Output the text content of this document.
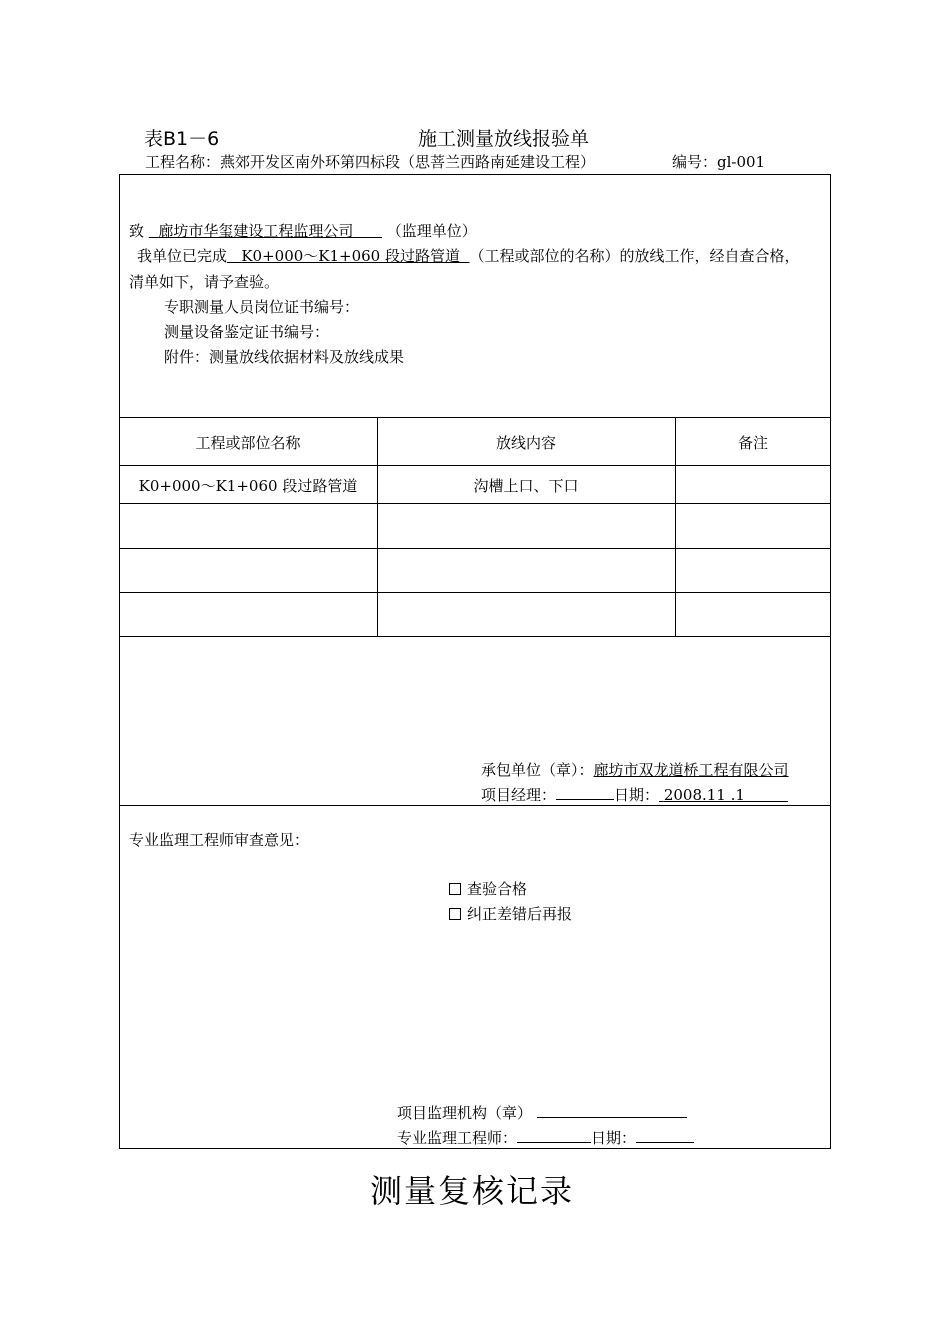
表B1－6	施工测量放线报验单
工程名称：燕郊开发区南外环第四标段（思菩兰西路南延建设工程）	编号：gl-001
致 廊坊市华玺建设工程监理公司 （监理单位）
我单位已完成 K0+000～K1+060 段过路管道 （工程或部位的名称）的放线工作，经自查合格，
清单如下，请予查验。
专职测量人员岗位证书编号：
测量设备鉴定证书编号：
附件：测量放线依据材料及放线成果
工程或部位名称	放线内容	备注
K0+000～K1+060 段过路管道	沟槽上口、下口
承包单位（章）：廊坊市双龙道桥工程有限公司
项目经理：	日期： 2008.11 .1
专业监理工程师审查意见：
查验合格
纠正差错后再报
项目监理机构（章）
专业监理工程师：	日期：
测量复核记录
